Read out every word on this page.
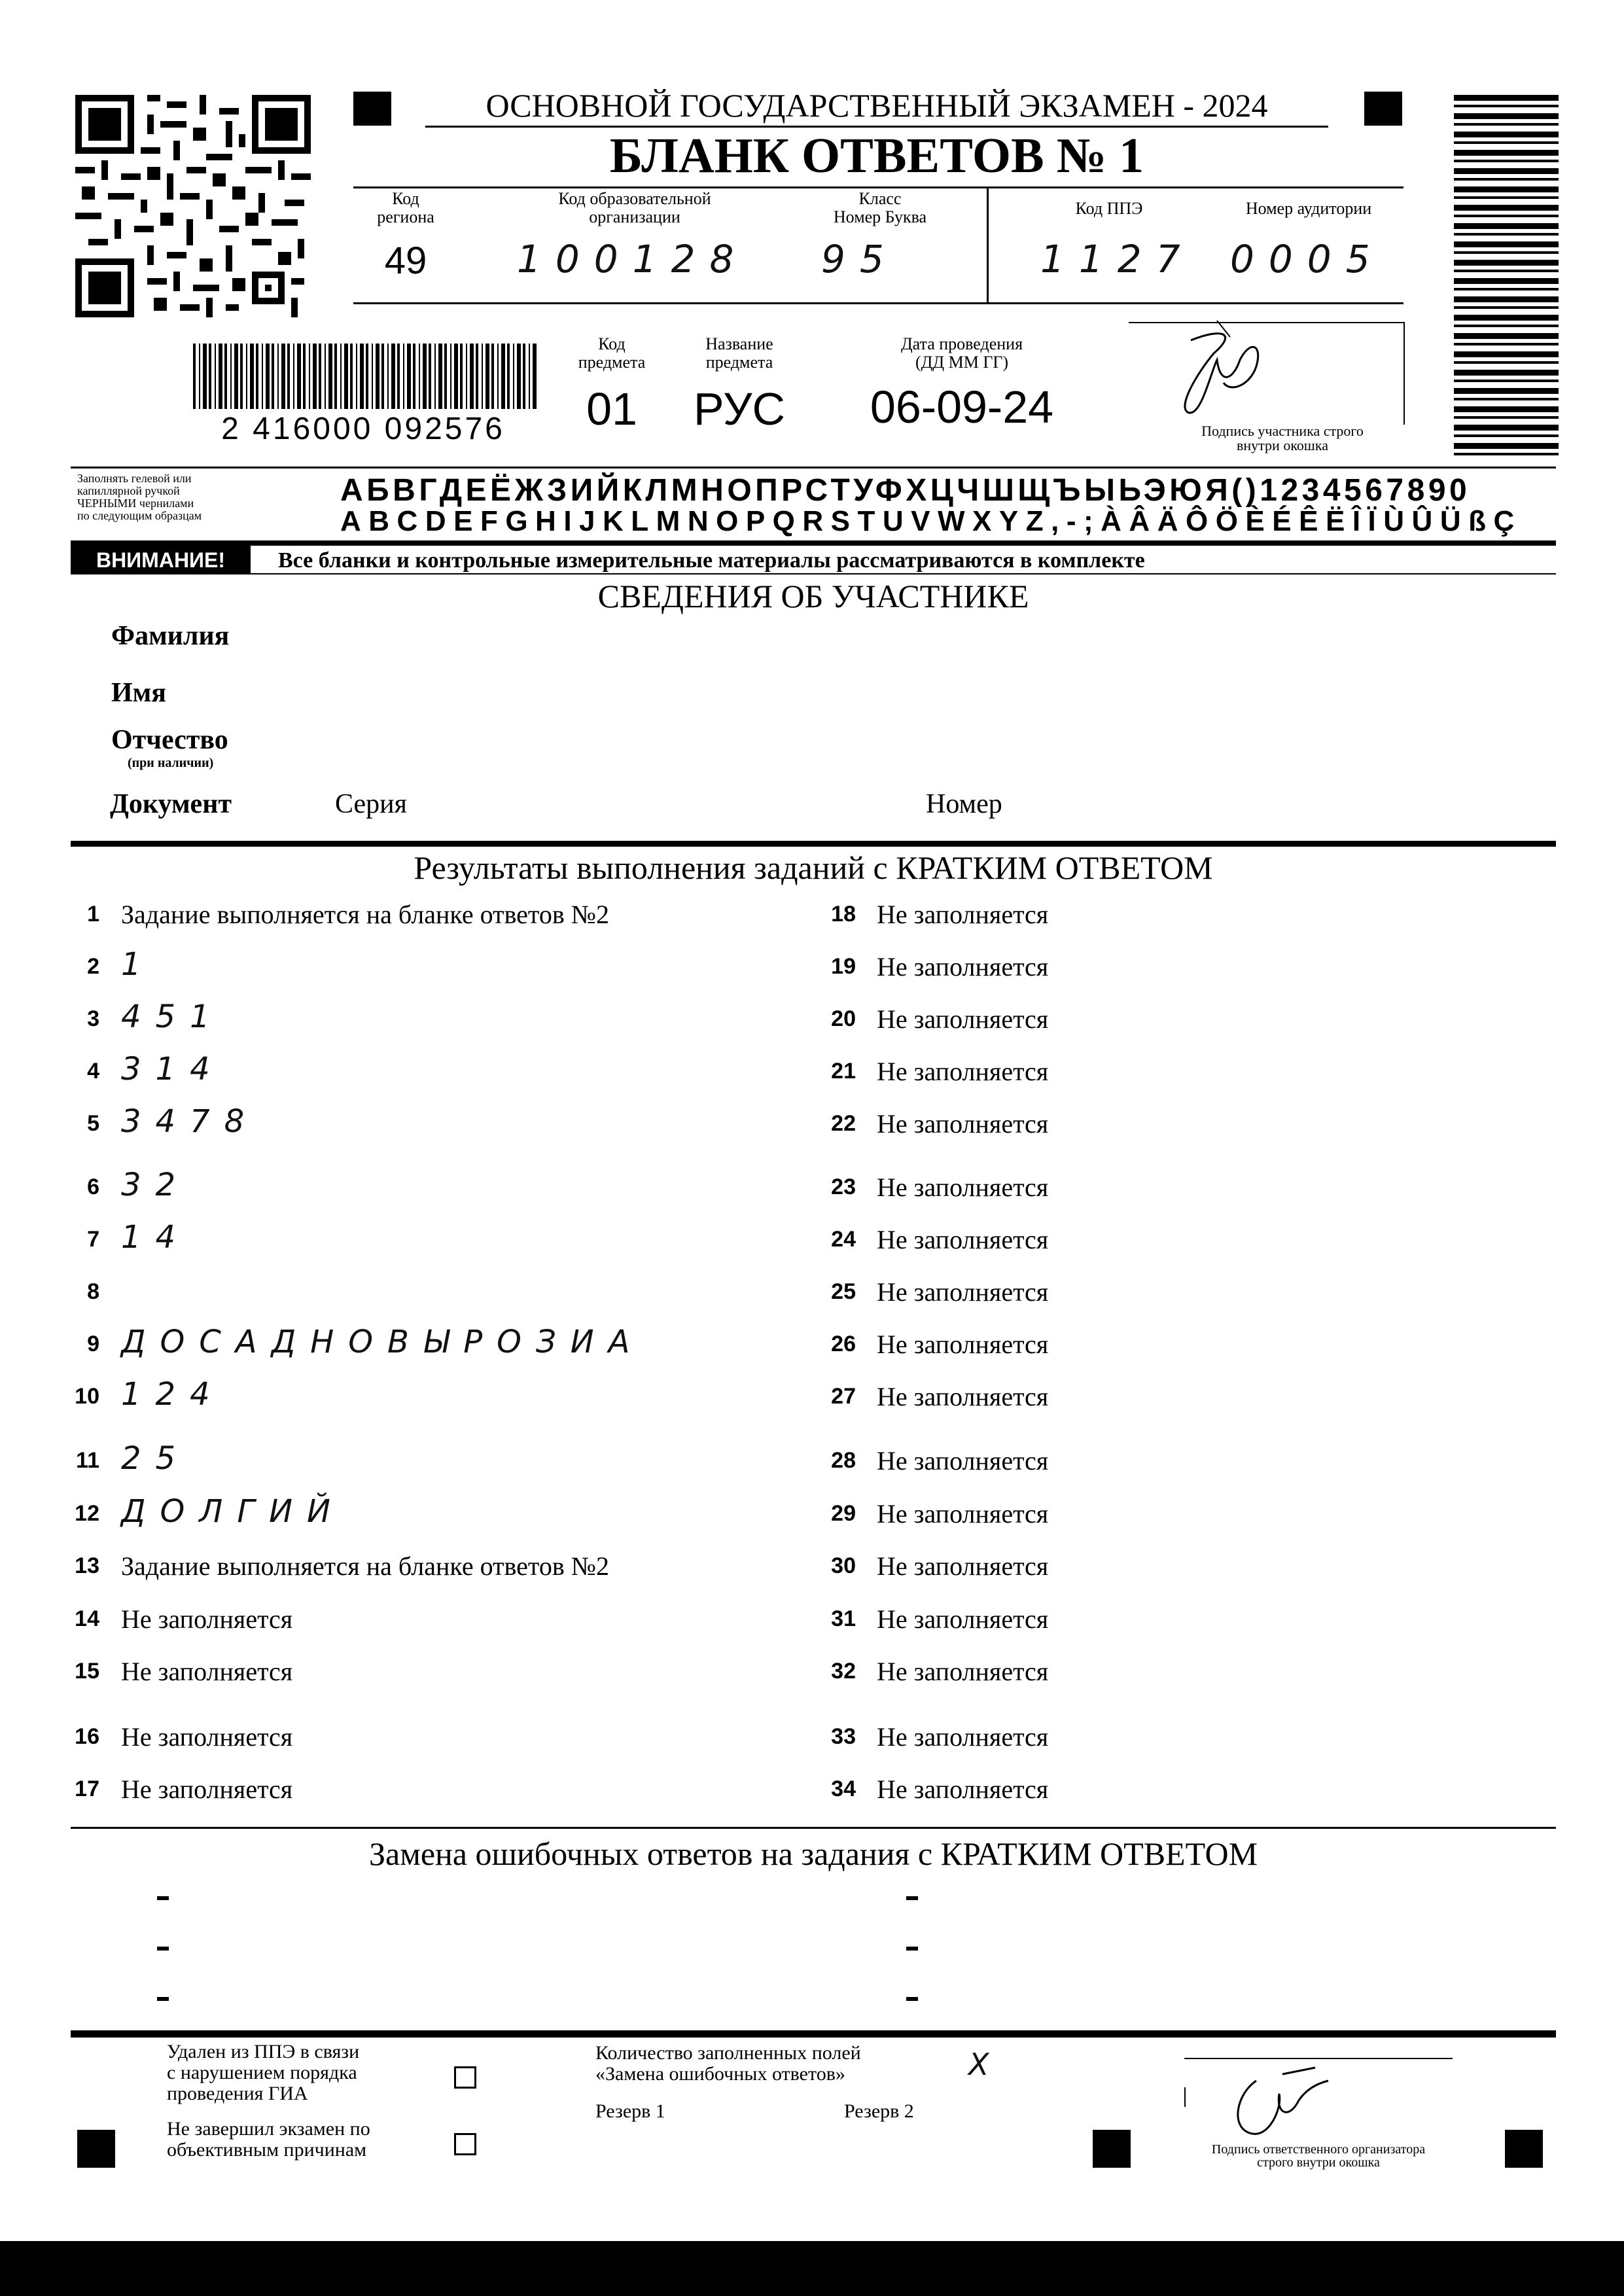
ОСНОВНОЙ ГОСУДАРСТВЕННЫЙ ЭКЗАМЕН - 2024
БЛАНК ОТВЕТОВ № 1
Код
региона
49
Код образовательной
организации
100128
Класс
Номер Буква
95
Код ППЭ
1127
Номер аудитории
0005
2 416000 092576
Код
предмета
01
Название
предмета
РУС
Дата проведения
(ДД ММ ГГ)
06-09-24	Подпись участника строго
внутри окошка
Заполнять гелевой или
капиллярной ручкой
ЧЕРНЫМИ чернилами
по следующим образцам
АБВГДЕЁЖЗИЙКЛМНОПРСТУФХЦЧШЩЪЫЬЭЮЯ()1234567890
ABCDEFGHIJKLMNOPQRSTUVWXYZ,-;ÀÂÄÔÖÈÉÊËÎÏÙÛÜßÇ
ВНИМАНИЕ!	Все бланки и контрольные измерительные материалы рассматриваются в комплекте
СВЕДЕНИЯ ОБ УЧАСТНИКЕ
Фамилия
Имя
Отчество
(при наличии)
Документ	Серия	Номер
Результаты выполнения заданий с КРАТКИМ ОТВЕТОМ
1 Задание выполняется на бланке ответов №2
2 1
3 451
4 314
5 3478
6 32
7 14
8
9 ДОСАДНОВЫРОЗИА
10 124
11 25
12 ДОЛГИЙ
13 Задание выполняется на бланке ответов №2
14 Не заполняется
15 Не заполняется
16 Не заполняется
17 Не заполняется
18 Не заполняется
19 Не заполняется
20 Не заполняется
21 Не заполняется
22 Не заполняется
23 Не заполняется
24 Не заполняется
25 Не заполняется
26 Не заполняется
27 Не заполняется
28 Не заполняется
29 Не заполняется
30 Не заполняется
31 Не заполняется
32 Не заполняется
33 Не заполняется
34 Не заполняется
Замена ошибочных ответов на задания с КРАТКИМ ОТВЕТОМ
Удален из ППЭ в связи
с нарушением порядка
проведения ГИА
Не завершил экзамен по
объективным причинам
Количество заполненных полей
«Замена ошибочных ответов»	X
Резерв 1	Резерв 2
Подпись ответственного организатора
строго внутри окошка
